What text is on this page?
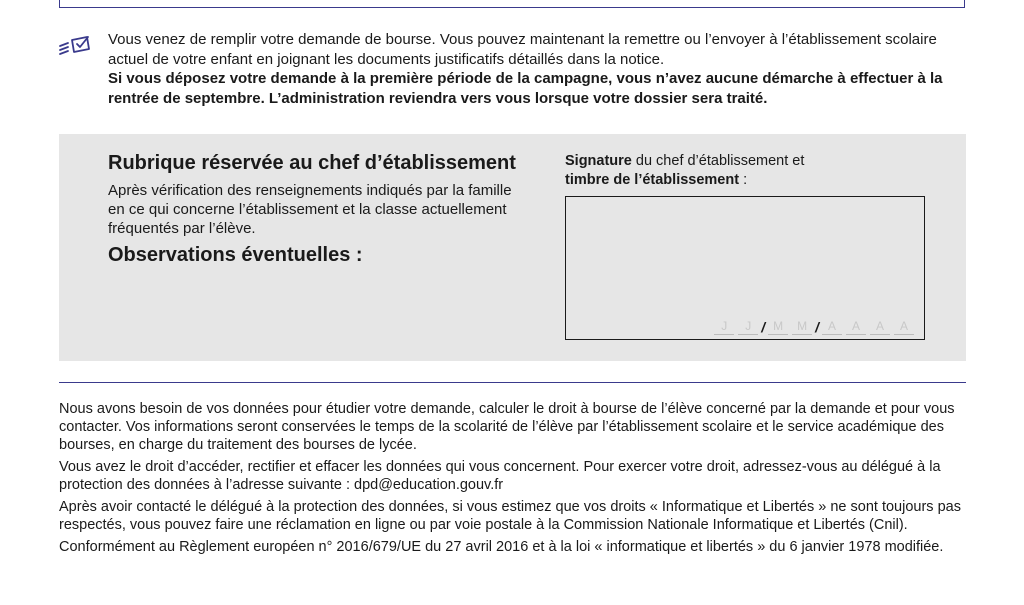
Vous venez de remplir votre demande de bourse. Vous pouvez maintenant la remettre ou l’envoyer à l’établissement scolaire actuel de votre enfant en joignant les documents justificatifs détaillés dans la notice.

Si vous déposez votre demande à la première période de la campagne, vous n’avez aucune démarche à effectuer à la rentrée de septembre. L’administration reviendra vers vous lorsque votre dossier sera traité.

Rubrique réservée au chef d’établissement
Après vérification des renseignements indiqués par la famille en ce qui concerne l’établissement et la classe actuellement fréquentés par l’élève.
Observations éventuelles :
Signature du chef d’établissement et
timbre de l’établissement :
J	J / M	M / A	A	A	A

Nous avons besoin de vos données pour étudier votre demande, calculer le droit à bourse de l’élève concerné par la demande et pour vous contacter. Vos informations seront conservées le temps de la scolarité de l’élève par l’établissement scolaire et le service académique des bourses, en charge du traitement des bourses de lycée.

Vous avez le droit d’accéder, rectifier et effacer les données qui vous concernent. Pour exercer votre droit, adressez-vous au délégué à la protection des données à l’adresse suivante : dpd@education.gouv.fr

Après avoir contacté le délégué à la protection des données, si vous estimez que vos droits « Informatique et Libertés » ne sont toujours pas respectés, vous pouvez faire une réclamation en ligne ou par voie postale à la Commission Nationale Informatique et Libertés (Cnil).

Conformément au Règlement européen n° 2016/679/UE du 27 avril 2016 et à la loi « informatique et libertés » du 6 janvier 1978 modifiée.
